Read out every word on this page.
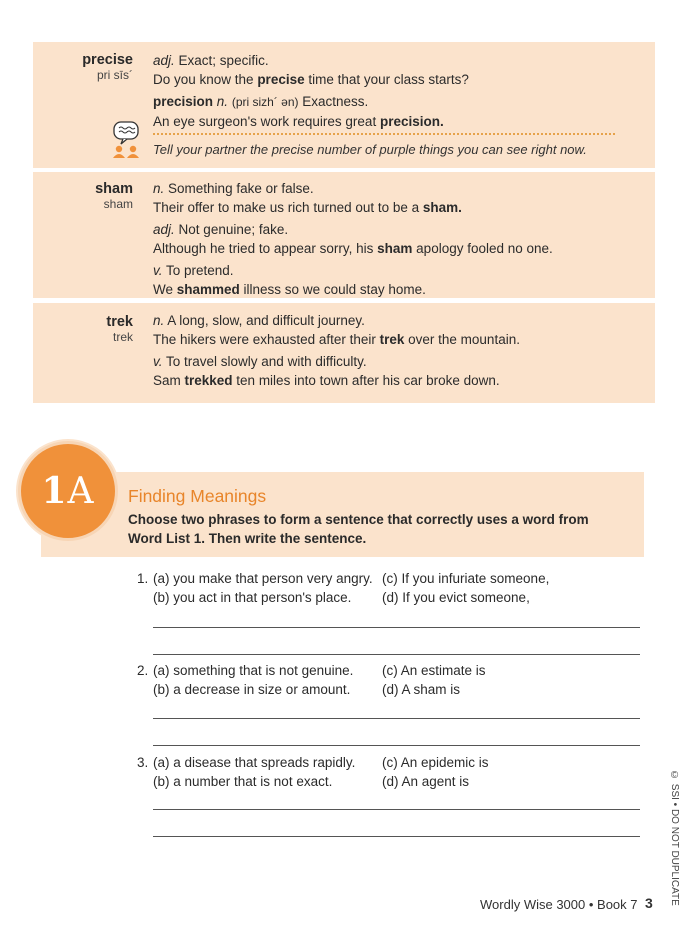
precise
pri sīs´
adj. Exact; specific.
Do you know the precise time that your class starts?
precision n. (pri sizh´ ən) Exactness.
An eye surgeon's work requires great precision.
Tell your partner the precise number of purple things you can see right now.
sham
sham
n. Something fake or false.
Their offer to make us rich turned out to be a sham.
adj. Not genuine; fake.
Although he tried to appear sorry, his sham apology fooled no one.
v. To pretend.
We shammed illness so we could stay home.
trek
trek
n. A long, slow, and difficult journey.
The hikers were exhausted after their trek over the mountain.
v. To travel slowly and with difficulty.
Sam trekked ten miles into town after his car broke down.
1A	Finding Meanings
Choose two phrases to form a sentence that correctly uses a word from Word List 1. Then write the sentence.
1. (a) you make that person very angry.
(b) you act in that person's place.
(c) If you infuriate someone,
(d) If you evict someone,
2. (a) something that is not genuine.
(b) a decrease in size or amount.
(c) An estimate is
(d) A sham is
3. (a) a disease that spreads rapidly.
(b) a number that is not exact.
(c) An epidemic is
(d) An agent is
Wordly Wise 3000 • Book 7 3 © SSI • DO NOT DUPLICATE
